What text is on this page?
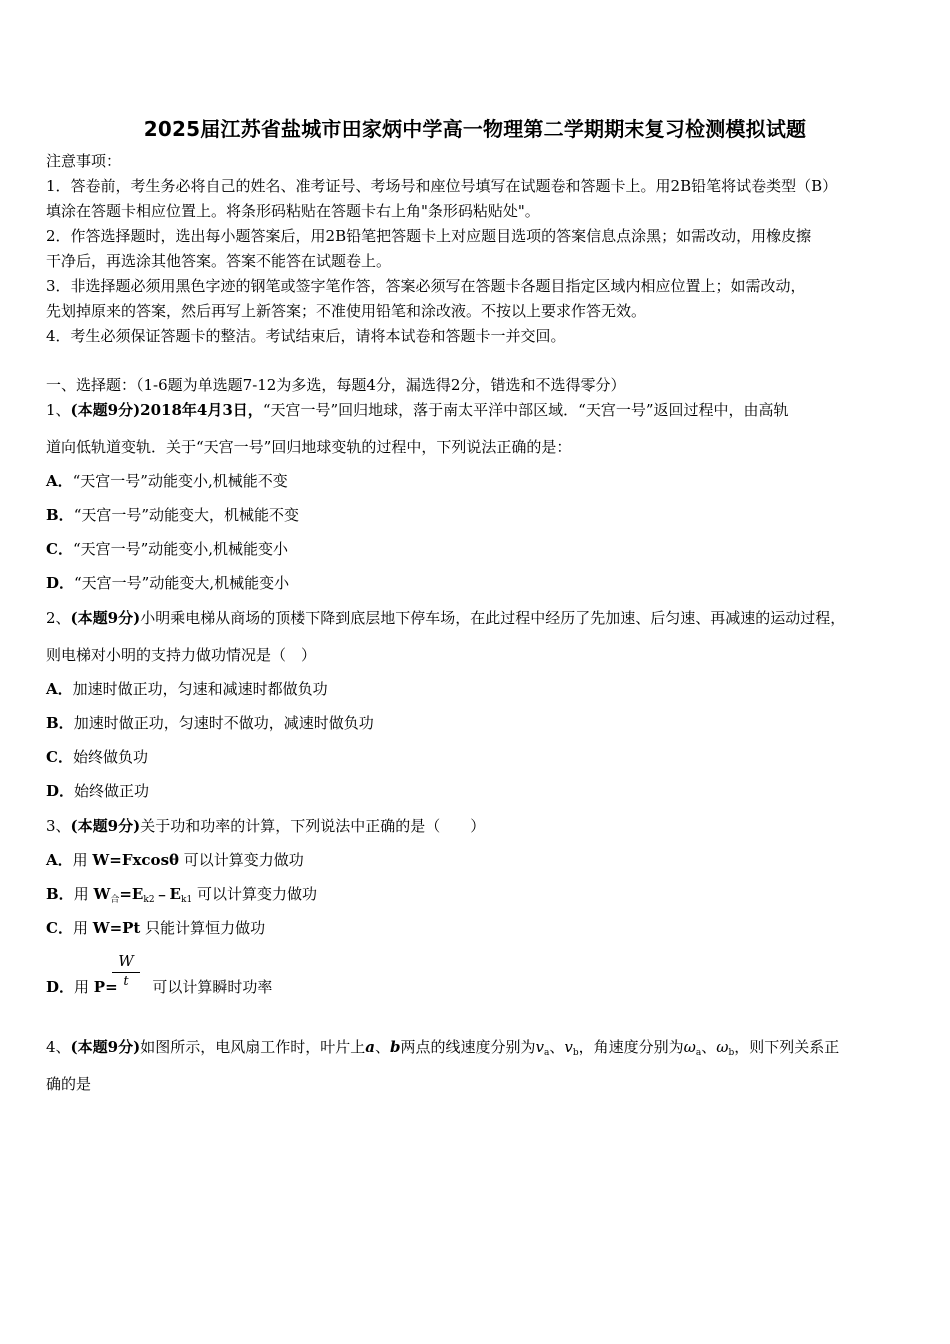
2025届江苏省盐城市田家炳中学高一物理第二学期期末复习检测模拟试题
注意事项：
1．答卷前，考生务必将自己的姓名、准考证号、考场号和座位号填写在试题卷和答题卡上。用2B铅笔将试卷类型（B）
填涂在答题卡相应位置上。将条形码粘贴在答题卡右上角"条形码粘贴处"。
2．作答选择题时，选出每小题答案后，用2B铅笔把答题卡上对应题目选项的答案信息点涂黑；如需改动，用橡皮擦
干净后，再选涂其他答案。答案不能答在试题卷上。
3．非选择题必须用黑色字迹的钢笔或签字笔作答，答案必须写在答题卡各题目指定区域内相应位置上；如需改动，
先划掉原来的答案，然后再写上新答案；不准使用铅笔和涂改液。不按以上要求作答无效。
4．考生必须保证答题卡的整洁。考试结束后，请将本试卷和答题卡一并交回。
一、选择题：（1-6题为单选题7-12为多选，每题4分，漏选得2分，错选和不选得零分）
1、(本题9分)2018年4月3日，“天宫一号”回归地球，落于南太平洋中部区域．“天宫一号”返回过程中，由高轨
道向低轨道变轨．关于“天宫一号”回归地球变轨的过程中，下列说法正确的是：
A．“天宫一号”动能变小,机械能不变
B．“天宫一号”动能变大，机械能不变
C．“天宫一号”动能变小,机械能变小
D．“天宫一号”动能变大,机械能变小
2、(本题9分)小明乘电梯从商场的顶楼下降到底层地下停车场，在此过程中经历了先加速、后匀速、再减速的运动过程，
则电梯对小明的支持力做功情况是（　）
A．加速时做正功，匀速和减速时都做负功
B．加速时做正功，匀速时不做功，减速时做负功
C．始终做负功
D．始终做正功
3、(本题9分)关于功和功率的计算，下列说法中正确的是（　　）
A．用 W=Fxcosθ 可以计算变力做功
B．用 $W_合=E_{k2}﹣E_{k1}$ 可以计算变力做功
C．用 W=Pt 只能计算恒力做功
D．用 P= 可以计算瞬时功率
$\frac{W}{t}$
4、(本题9分)如图所示，电风扇工作时，叶片上a、b两点的线速度分别为$v_a$、$v_b$，角速度分别为$\omega_a$、$\omega_b$，则下列关系正
确的是
